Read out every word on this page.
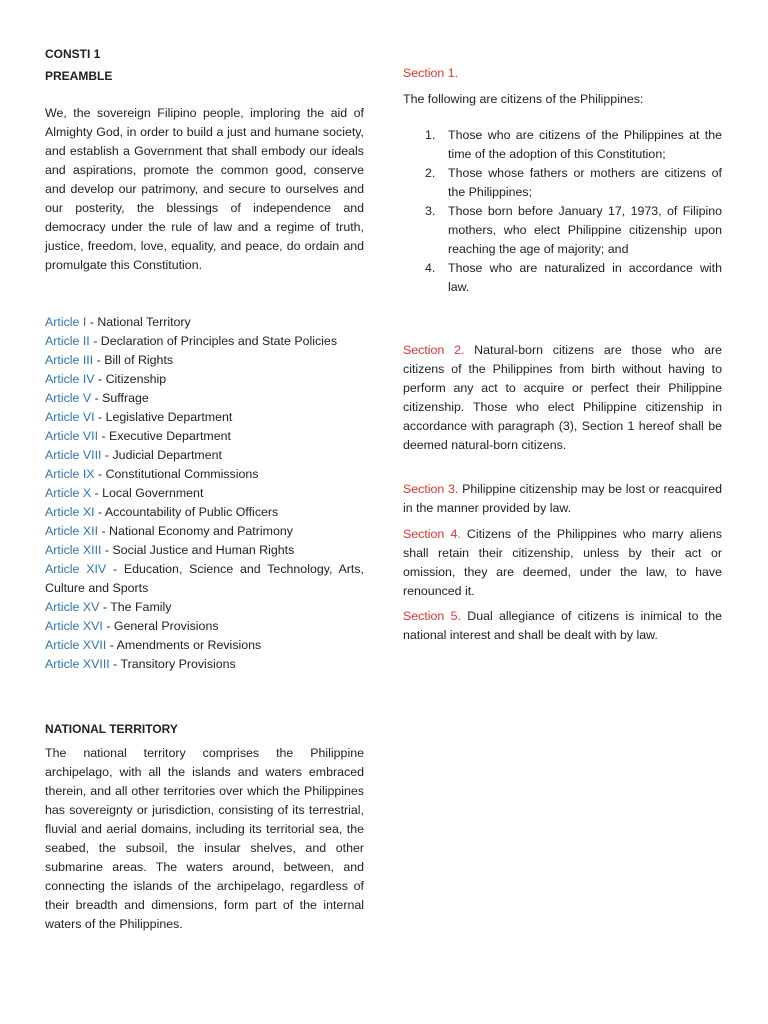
CONSTI 1

PREAMBLE

We, the sovereign Filipino people, imploring the aid of Almighty God, in order to build a just and humane society, and establish a Government that shall embody our ideals and aspirations, promote the common good, conserve and develop our patrimony, and secure to ourselves and our posterity, the blessings of independence and democracy under the rule of law and a regime of truth, justice, freedom, love, equality, and peace, do ordain and promulgate this Constitution.

Article I - National Territory
Article II - Declaration of Principles and State Policies
Article III - Bill of Rights
Article IV - Citizenship
Article V - Suffrage
Article VI - Legislative Department
Article VII - Executive Department
Article VIII - Judicial Department
Article IX - Constitutional Commissions
Article X - Local Government
Article XI - Accountability of Public Officers
Article XII - National Economy and Patrimony
Article XIII - Social Justice and Human Rights
Article XIV - Education, Science and Technology, Arts, Culture and Sports
Article XV - The Family
Article XVI - General Provisions
Article XVII - Amendments or Revisions
Article XVIII - Transitory Provisions

NATIONAL TERRITORY

The national territory comprises the Philippine archipelago, with all the islands and waters embraced therein, and all other territories over which the Philippines has sovereignty or jurisdiction, consisting of its terrestrial, fluvial and aerial domains, including its territorial sea, the seabed, the subsoil, the insular shelves, and other submarine areas. The waters around, between, and connecting the islands of the archipelago, regardless of their breadth and dimensions, form part of the internal waters of the Philippines.

Section 1.

The following are citizens of the Philippines:

1.	Those who are citizens of the Philippines at the time of the adoption of this Constitution;
2.	Those whose fathers or mothers are citizens of the Philippines;
3.	Those born before January 17, 1973, of Filipino mothers, who elect Philippine citizenship upon reaching the age of majority; and
4.	Those who are naturalized in accordance with law.

Section 2. Natural-born citizens are those who are citizens of the Philippines from birth without having to perform any act to acquire or perfect their Philippine citizenship. Those who elect Philippine citizenship in accordance with paragraph (3), Section 1 hereof shall be deemed natural-born citizens.

Section 3. Philippine citizenship may be lost or reacquired in the manner provided by law.

Section 4. Citizens of the Philippines who marry aliens shall retain their citizenship, unless by their act or omission, they are deemed, under the law, to have renounced it.

Section 5. Dual allegiance of citizens is inimical to the national interest and shall be dealt with by law.
